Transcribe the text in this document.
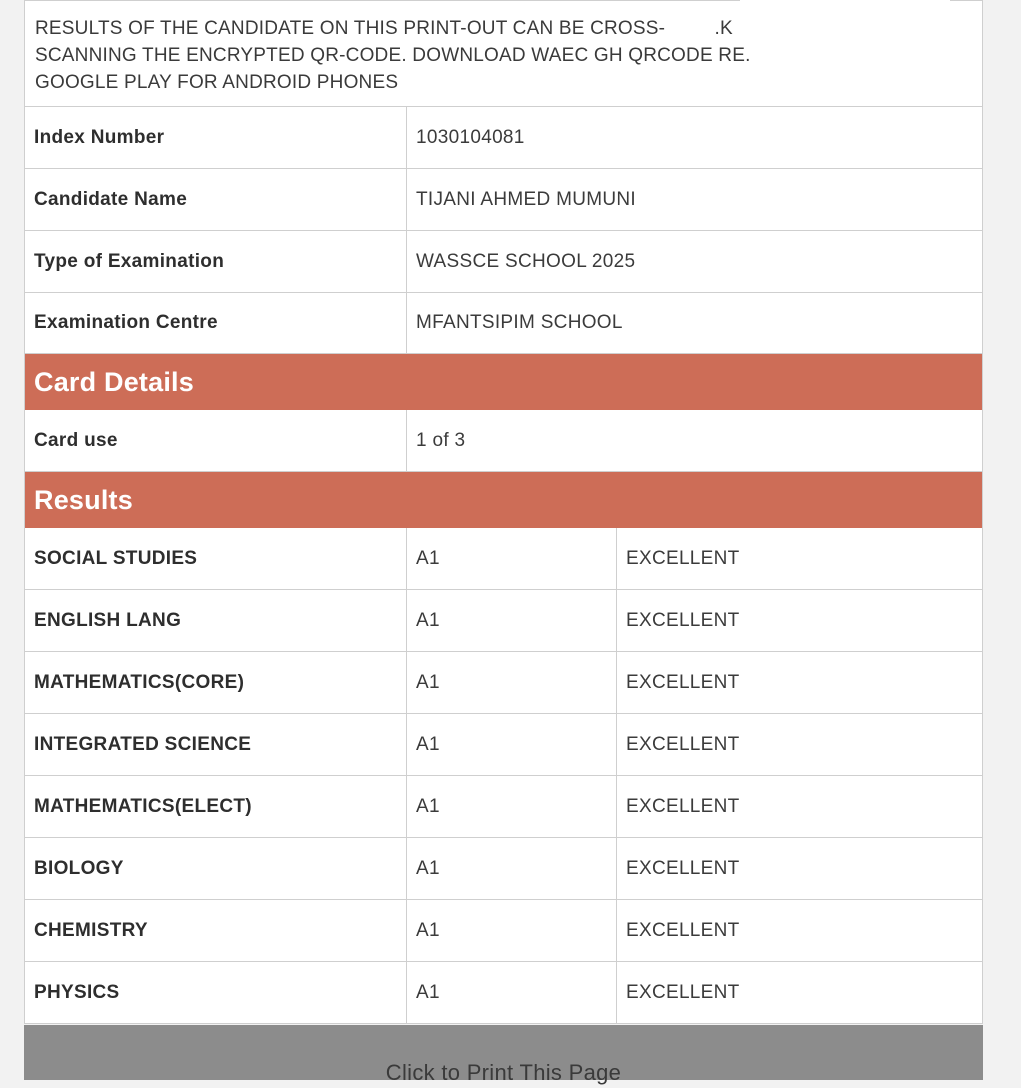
RESULTS OF THE CANDIDATE ON THIS PRINT-OUT CAN BE CROSS-         .K
SCANNING THE ENCRYPTED QR-CODE. DOWNLOAD WAEC GH QRCODE RE.
GOOGLE PLAY FOR ANDROID PHONES
Index Number	1030104081
Candidate Name	TIJANI AHMED MUMUNI
Type of Examination	WASSCE SCHOOL 2025
Examination Centre	MFANTSIPIM SCHOOL
Card Details
Card use	1 of 3
Results
SOCIAL STUDIES	A1	EXCELLENT
ENGLISH LANG	A1	EXCELLENT
MATHEMATICS(CORE)	A1	EXCELLENT
INTEGRATED SCIENCE	A1	EXCELLENT
MATHEMATICS(ELECT)	A1	EXCELLENT
BIOLOGY	A1	EXCELLENT
CHEMISTRY	A1	EXCELLENT
PHYSICS	A1	EXCELLENT
Click to Print This Page
